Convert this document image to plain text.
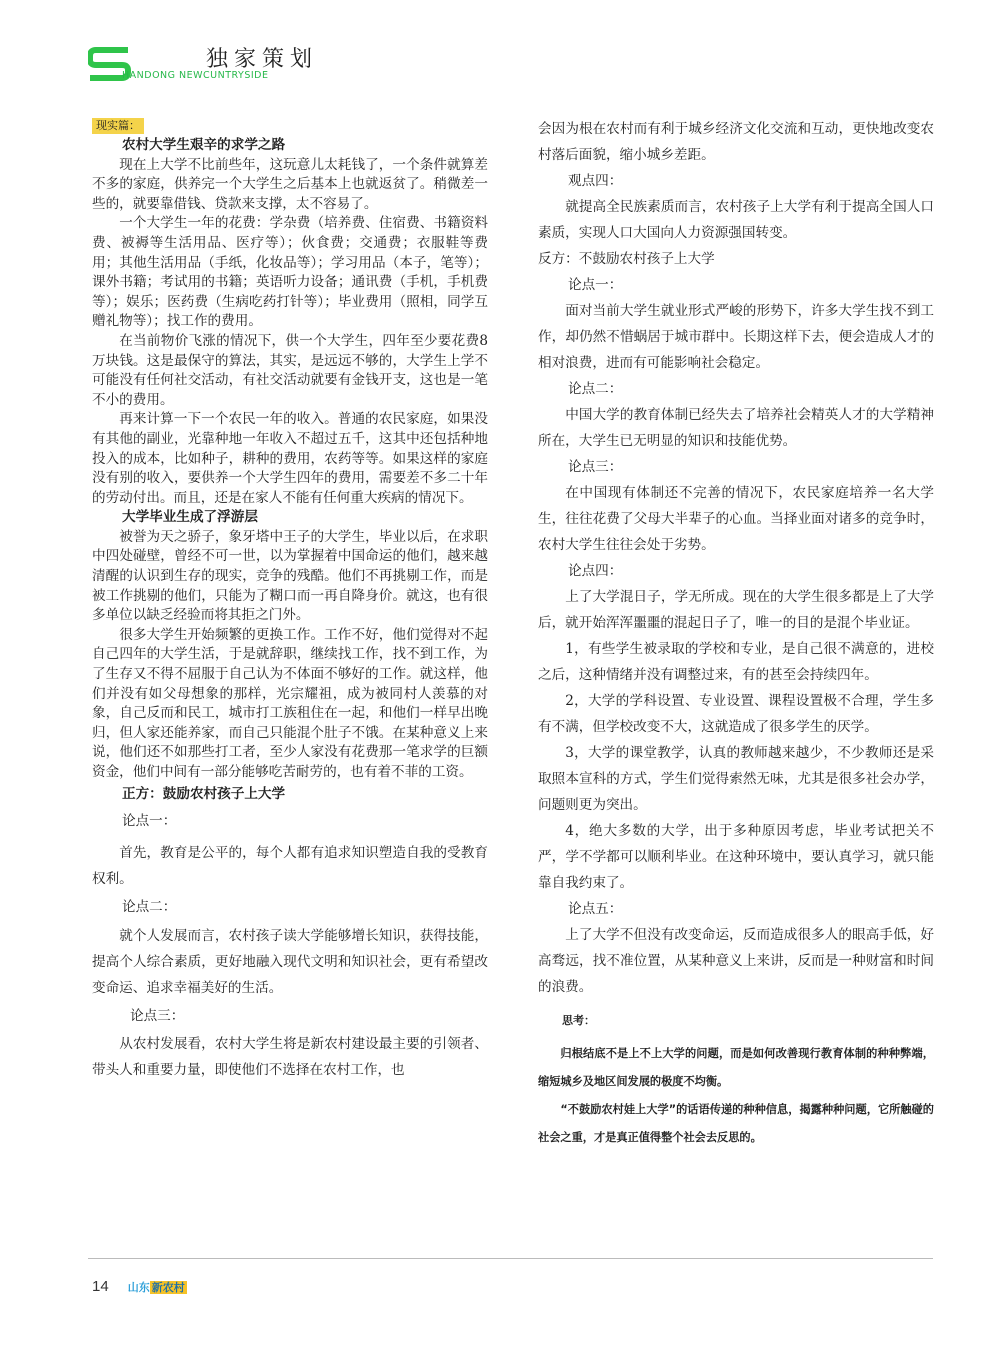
独家策划
HANDONG NEWCUNTRYSIDE
现实篇：

农村大学生艰辛的求学之路

现在上大学不比前些年，这玩意儿太耗钱了，一个条件就算差不多的家庭，供养完一个大学生之后基本上也就返贫了。稍微差一些的，就要靠借钱、贷款来支撑，太不容易了。

一个大学生一年的花费：学杂费（培养费、住宿费、书籍资料费、被褥等生活用品、医疗等）；伙食费；交通费；衣服鞋等费用；其他生活用品（手纸，化妆品等）；学习用品（本子，笔等）；课外书籍；考试用的书籍；英语听力设备；通讯费（手机，手机费等）；娱乐；医药费（生病吃药打针等）；毕业费用（照相，同学互赠礼物等）；找工作的费用。

在当前物价飞涨的情况下，供一个大学生，四年至少要花费8万块钱。这是最保守的算法，其实，是远远不够的，大学生上学不可能没有任何社交活动，有社交活动就要有金钱开支，这也是一笔不小的费用。

再来计算一下一个农民一年的收入。普通的农民家庭，如果没有其他的副业，光靠种地一年收入不超过五千，这其中还包括种地投入的成本，比如种子，耕种的费用，农药等等。如果这样的家庭没有别的收入，要供养一个大学生四年的费用，需要差不多二十年的劳动付出。而且，还是在家人不能有任何重大疾病的情况下。

大学毕业生成了浮游层

被誉为天之骄子，象牙塔中王子的大学生，毕业以后，在求职中四处碰壁，曾经不可一世，以为掌握着中国命运的他们，越来越清醒的认识到生存的现实，竞争的残酷。他们不再挑剔工作，而是被工作挑剔的他们，只能为了糊口而一再自降身价。就这，也有很多单位以缺乏经验而将其拒之门外。

很多大学生开始频繁的更换工作。工作不好，他们觉得对不起自己四年的大学生活，于是就辞职，继续找工作，找不到工作，为了生存又不得不屈服于自己认为不体面不够好的工作。就这样，他们并没有如父母想象的那样，光宗耀祖，成为被同村人羡慕的对象，自己反而和民工，城市打工族租住在一起，和他们一样早出晚归，但人家还能养家，而自己只能混个肚子不饿。在某种意义上来说，他们还不如那些打工者，至少人家没有花费那一笔求学的巨额资金，他们中间有一部分能够吃苦耐劳的，也有着不菲的工资。

正方：鼓励农村孩子上大学

论点一：

首先，教育是公平的，每个人都有追求知识塑造自我的受教育权利。

论点二：

就个人发展而言，农村孩子读大学能够增长知识，获得技能，提高个人综合素质，更好地融入现代文明和知识社会，更有希望改变命运、追求幸福美好的生活。

论点三：

从农村发展看，农村大学生将是新农村建设最主要的引领者、带头人和重要力量，即使他们不选择在农村工作，也

会因为根在农村而有利于城乡经济文化交流和互动，更快地改变农村落后面貌，缩小城乡差距。

观点四：

就提高全民族素质而言，农村孩子上大学有利于提高全国人口素质，实现人口大国向人力资源强国转变。

反方：不鼓励农村孩子上大学

论点一：

面对当前大学生就业形式严峻的形势下，许多大学生找不到工作，却仍然不惜蜗居于城市群中。长期这样下去，便会造成人才的相对浪费，进而有可能影响社会稳定。

论点二：

中国大学的教育体制已经失去了培养社会精英人才的大学精神所在，大学生已无明显的知识和技能优势。

论点三：

在中国现有体制还不完善的情况下，农民家庭培养一名大学生，往往花费了父母大半辈子的心血。当择业面对诸多的竞争时，农村大学生往往会处于劣势。

论点四：

上了大学混日子，学无所成。现在的大学生很多都是上了大学后，就开始浑浑噩噩的混起日子了，唯一的目的是混个毕业证。

1，有些学生被录取的学校和专业，是自己很不满意的，进校之后，这种情绪并没有调整过来，有的甚至会持续四年。

2，大学的学科设置、专业设置、课程设置极不合理，学生多有不满，但学校改变不大，这就造成了很多学生的厌学。

3，大学的课堂教学，认真的教师越来越少，不少教师还是采取照本宣科的方式，学生们觉得索然无味，尤其是很多社会办学，问题则更为突出。

4，绝大多数的大学，出于多种原因考虑，毕业考试把关不严，学不学都可以顺利毕业。在这种环境中，要认真学习，就只能靠自我约束了。

论点五：

上了大学不但没有改变命运，反而造成很多人的眼高手低，好高骛远，找不准位置，从某种意义上来讲，反而是一种财富和时间的浪费。

思考：

归根结底不是上不上大学的问题，而是如何改善现行教育体制的种种弊端，缩短城乡及地区间发展的极度不均衡。

“不鼓励农村娃上大学”的话语传递的种种信息，揭露种种问题，它所触碰的社会之重，才是真正值得整个社会去反思的。

14 山东 新农村
